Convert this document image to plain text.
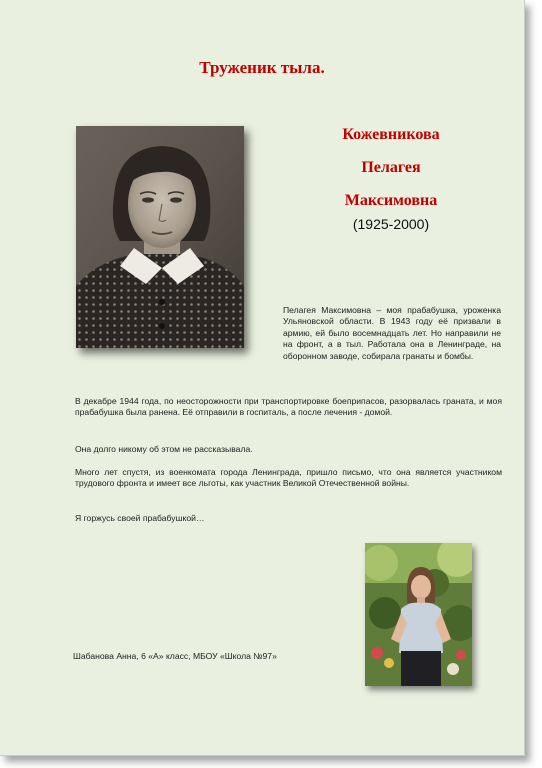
Труженик тыла.
Кожевникова
Пелагея
Максимовна
(1925-2000)
Пелагея Максимовна – моя прабабушка, уроженка Ульяновской области. В 1943 году её призвали в армию, ей было восемнадцать лет. Но направили не на фронт, а в тыл. Работала она в Ленинграде, на оборонном заводе, собирала гранаты и бомбы.
В декабре 1944 года, по неосторожности при транспортировке боеприпасов, разорвалась граната, и моя прабабушка была ранена. Её отправили в госпиталь, а после лечения - домой.
Она долго никому об этом не рассказывала.
Много лет спустя, из военкомата города Ленинграда, пришло письмо, что она является участником трудового фронта и имеет все льготы, как участник Великой Отечественной войны.
Я горжусь своей прабабушкой…
Шабанова Анна, 6 «А» класс, МБОУ «Школа №97»
